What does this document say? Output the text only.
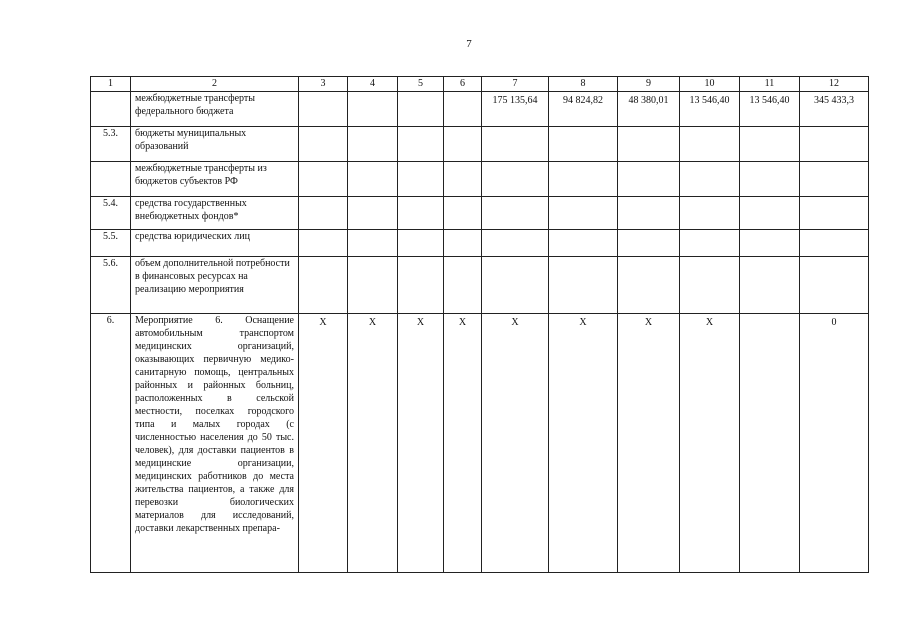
7
1	2	3	4	5	6	7	8	9	10	11	12
	межбюджетные трансферты федерального бюджета					175 135,64	94 824,82	48 380,01	13 546,40	13 546,40	345 433,3
5.3.	бюджеты муниципальных образований										
	межбюджетные трансферты из бюджетов субъектов РФ										
5.4.	средства государственных внебюджетных фондов*										
5.5.	средства юридических лиц										
5.6.	объем дополнительной потребности в финансовых ресурсах на реализацию мероприятия										
6.	Мероприятие 6. Оснащение автомобильным транспортом медицинских организаций, оказывающих первичную медико-санитарную помощь, центральных районных и районных больниц, расположенных в сельской местности, поселках городского типа и малых городах (с численностью населения до 50 тыс. человек), для доставки пациентов в медицинские организации, медицинских работников до места жительства пациентов, а также для перевозки биологических материалов для исследований, доставки лекарственных препара-	X	X	X	X	X	X	X	X		0
